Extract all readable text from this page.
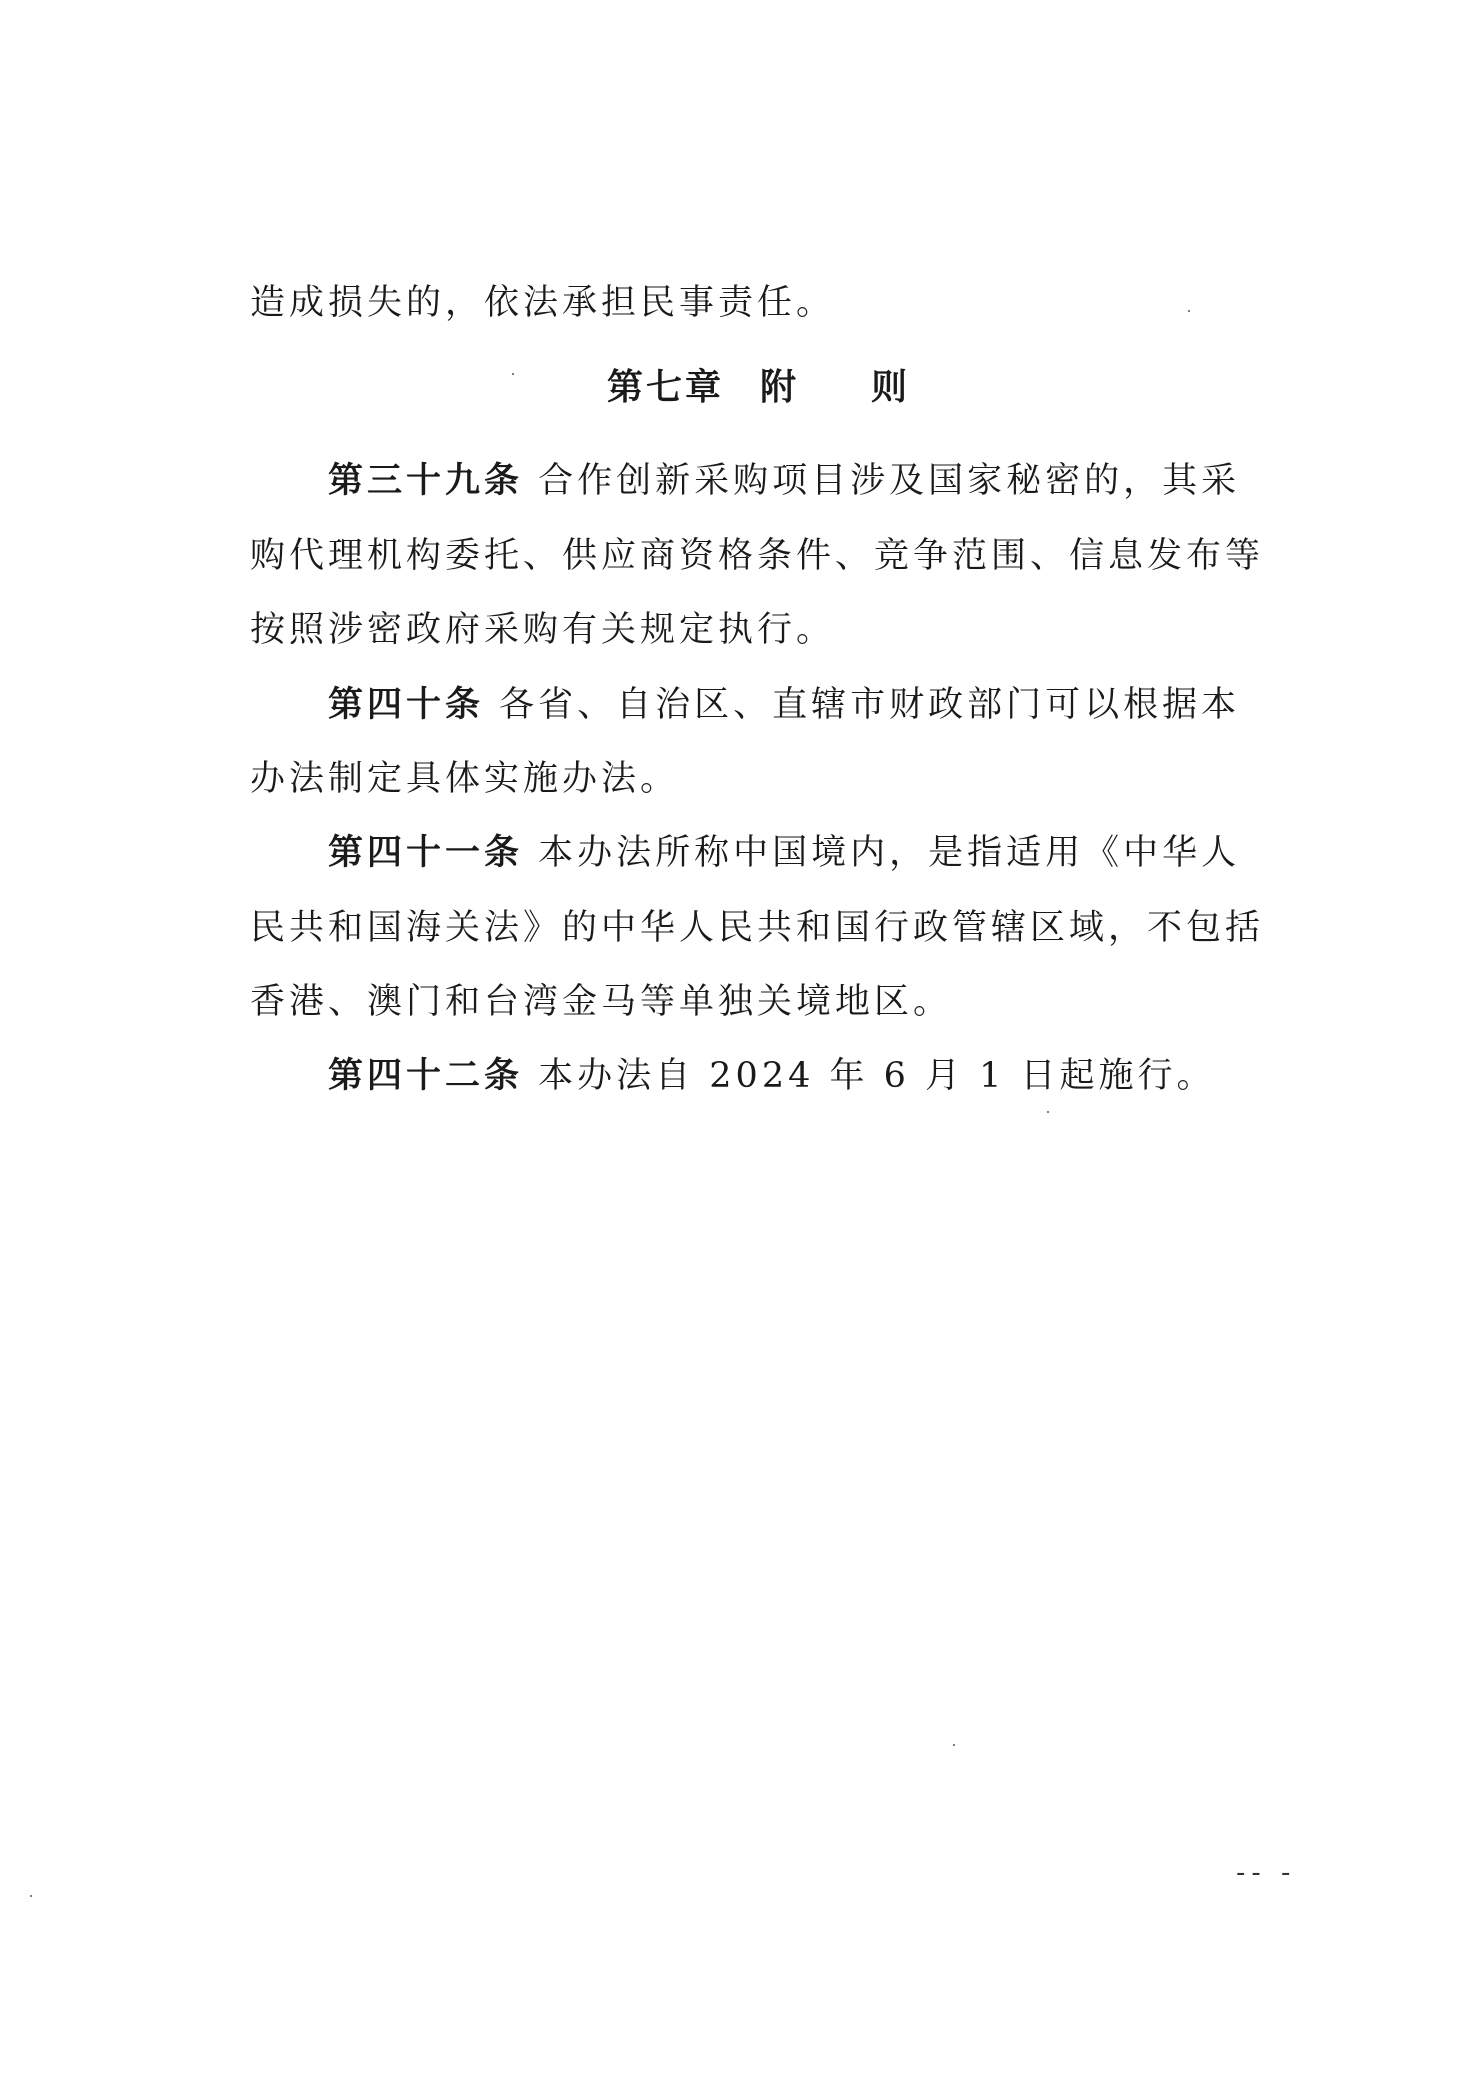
造成损失的，依法承担民事责任。
第三十九条 合作创新采购项目涉及国家秘密的，其采
购代理机构委托、供应商资格条件、竞争范围、信息发布等
按照涉密政府采购有关规定执行。
第四十条 各省、自治区、直辖市财政部门可以根据本
办法制定具体实施办法。
第四十一条 本办法所称中国境内，是指适用《中华人
民共和国海关法》的中华人民共和国行政管辖区域，不包括
香港、澳门和台湾金马等单独关境地区。
第四十二条 本办法自 2024 年 6 月 1 日起施行。
第七章 附 则
-- -
